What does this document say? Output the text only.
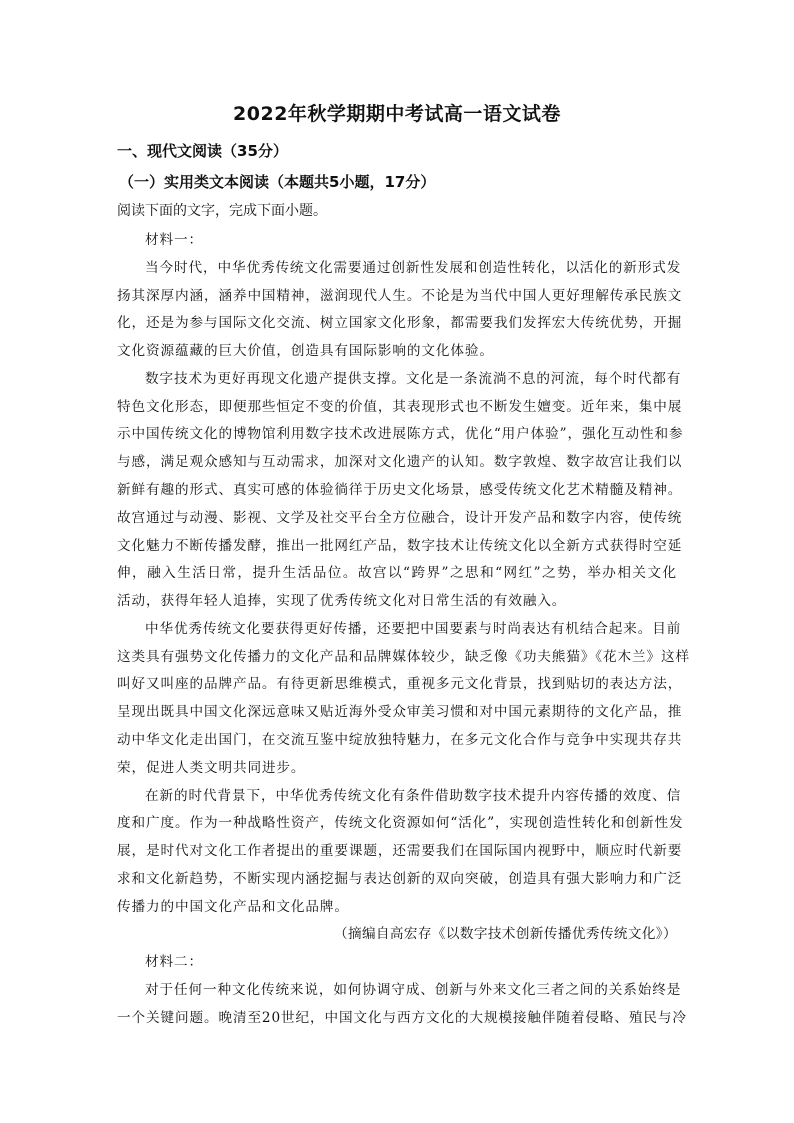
2022年秋学期期中考试高一语文试卷
一、现代文阅读（35分）
（一）实用类文本阅读（本题共5小题，17分）
阅读下面的文字，完成下面小题。
材料一：
当今时代，中华优秀传统文化需要通过创新性发展和创造性转化，以活化的新形式发
扬其深厚内涵，涵养中国精神，滋润现代人生。不论是为当代中国人更好理解传承民族文
化，还是为参与国际文化交流、树立国家文化形象，都需要我们发挥宏大传统优势，开掘
文化资源蕴藏的巨大价值，创造具有国际影响的文化体验。
数字技术为更好再现文化遗产提供支撑。文化是一条流淌不息的河流，每个时代都有
特色文化形态，即便那些恒定不变的价值，其表现形式也不断发生嬗变。近年来，集中展
示中国传统文化的博物馆利用数字技术改进展陈方式，优化“用户体验”，强化互动性和参
与感，满足观众感知与互动需求，加深对文化遗产的认知。数字敦煌、数字故宫让我们以
新鲜有趣的形式、真实可感的体验徜徉于历史文化场景，感受传统文化艺术精髓及精神。
故宫通过与动漫、影视、文学及社交平台全方位融合，设计开发产品和数字内容，使传统
文化魅力不断传播发酵，推出一批网红产品，数字技术让传统文化以全新方式获得时空延
伸，融入生活日常，提升生活品位。故宫以“跨界”之思和“网红”之势，举办相关文化
活动，获得年轻人追捧，实现了优秀传统文化对日常生活的有效融入。
中华优秀传统文化要获得更好传播，还要把中国要素与时尚表达有机结合起来。目前
这类具有强势文化传播力的文化产品和品牌媒体较少，缺乏像《功夫熊猫》《花木兰》这样
叫好又叫座的品牌产品。有待更新思维模式，重视多元文化背景，找到贴切的表达方法，
呈现出既具中国文化深远意味又贴近海外受众审美习惯和对中国元素期待的文化产品，推
动中华文化走出国门，在交流互鉴中绽放独特魅力，在多元文化合作与竞争中实现共存共
荣，促进人类文明共同进步。
在新的时代背景下，中华优秀传统文化有条件借助数字技术提升内容传播的效度、信
度和广度。作为一种战略性资产，传统文化资源如何“活化”，实现创造性转化和创新性发
展，是时代对文化工作者提出的重要课题，还需要我们在国际国内视野中，顺应时代新要
求和文化新趋势，不断实现内涵挖掘与表达创新的双向突破，创造具有强大影响力和广泛
传播力的中国文化产品和文化品牌。
（摘编自高宏存《以数字技术创新传播优秀传统文化》）
材料二：
对于任何一种文化传统来说，如何协调守成、创新与外来文化三者之间的关系始终是
一个关键问题。晚清至20世纪，中国文化与西方文化的大规模接触伴随着侵略、殖民与冷
